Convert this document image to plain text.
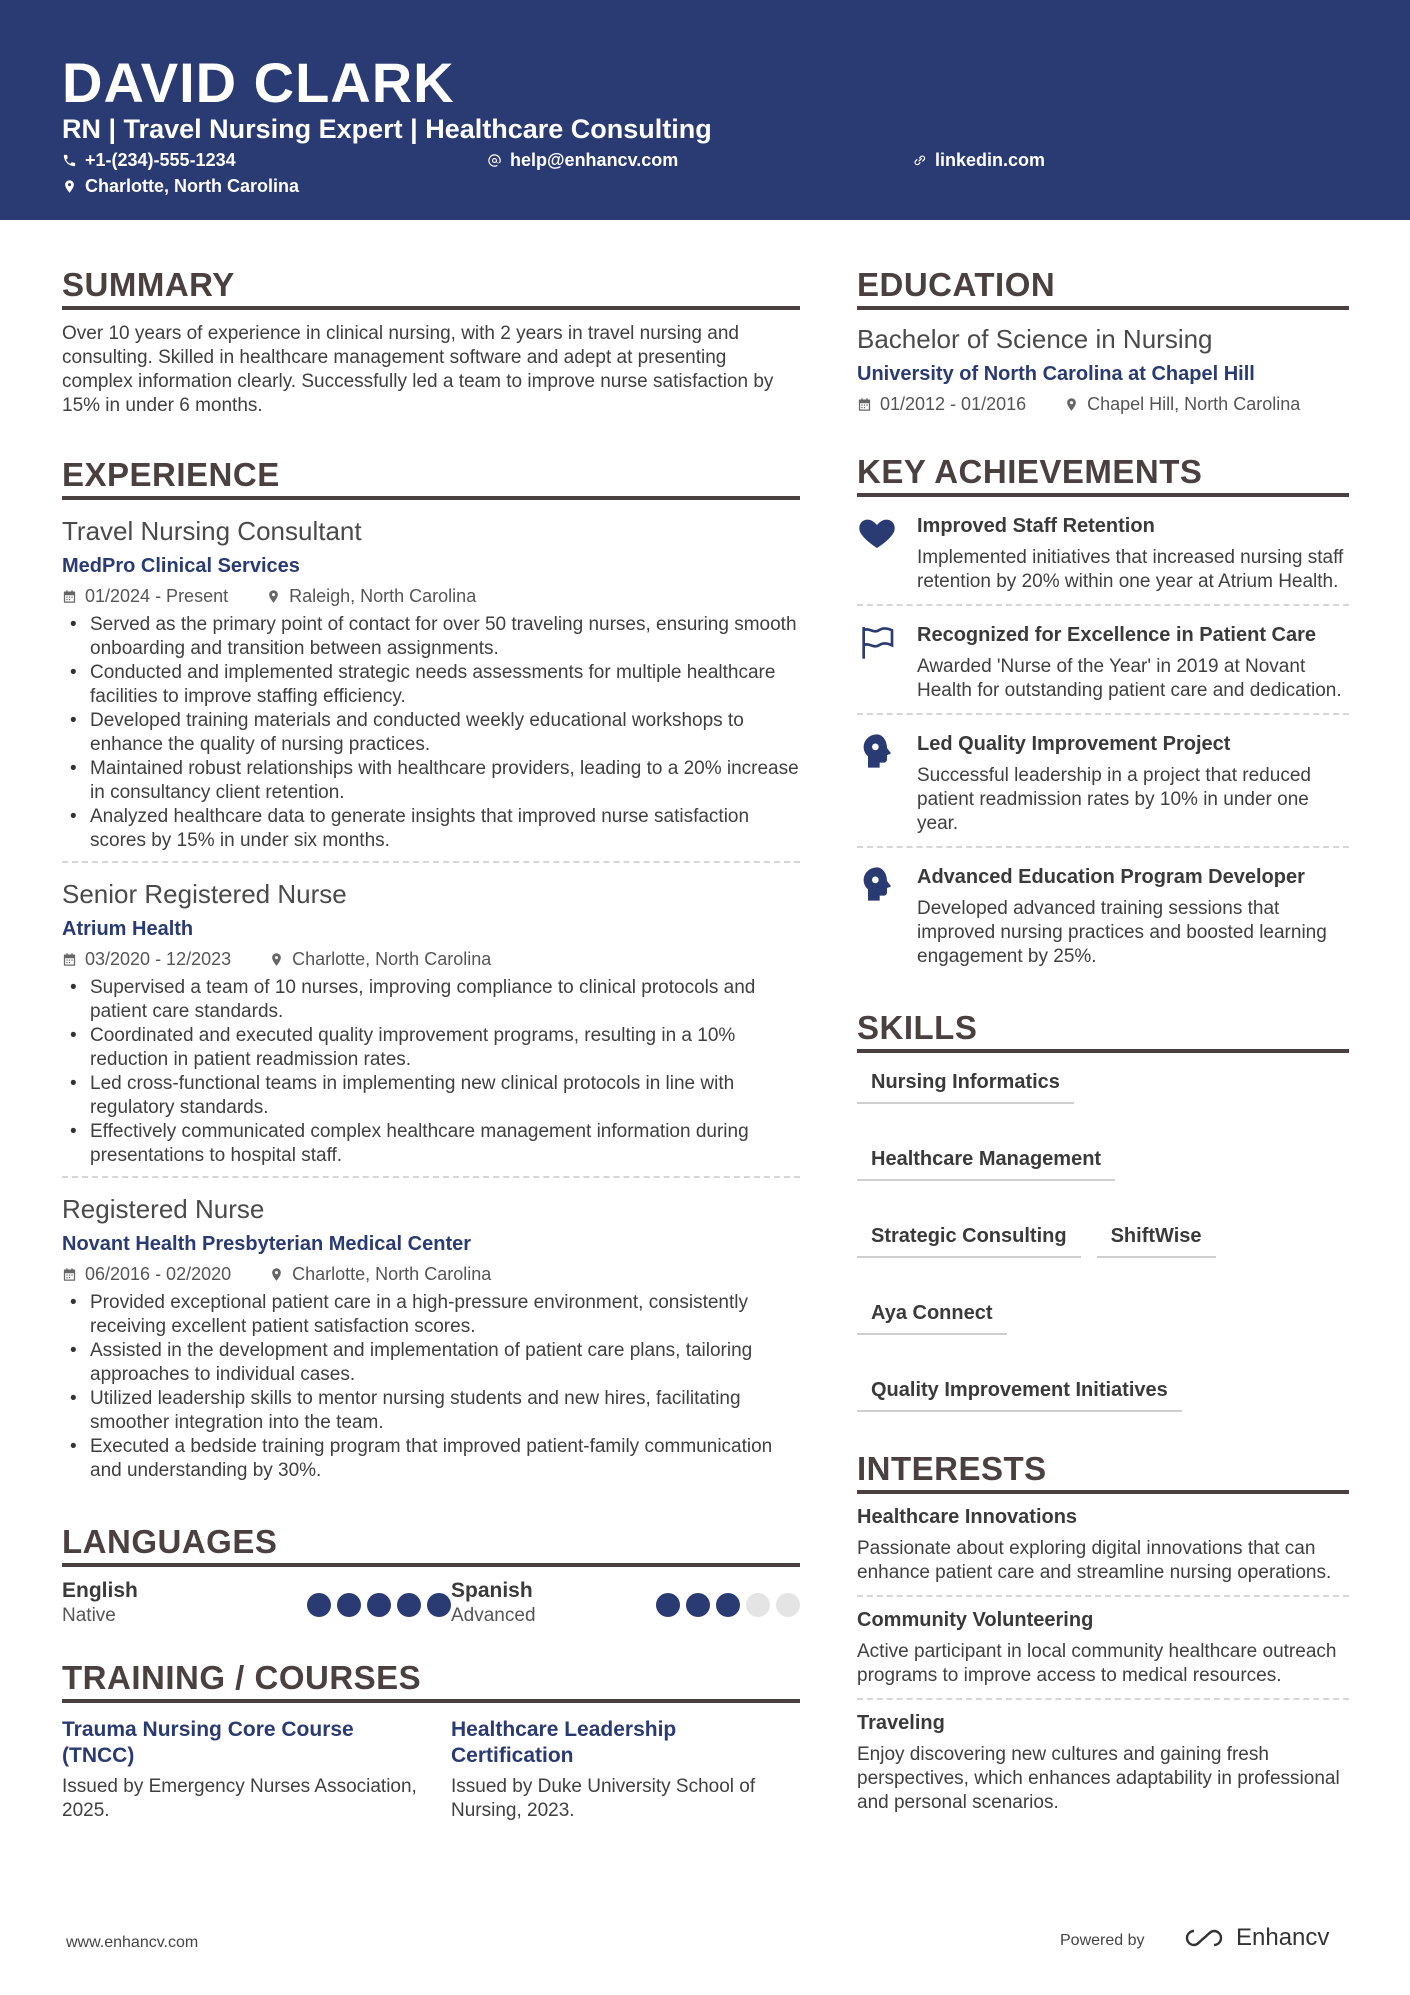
DAVID CLARK
RN | Travel Nursing Expert | Healthcare Consulting
+1-(234)-555-1234	help@enhancv.com	linkedin.com
Charlotte, North Carolina
SUMMARY
Over 10 years of experience in clinical nursing, with 2 years in travel nursing and consulting. Skilled in healthcare management software and adept at presenting complex information clearly. Successfully led a team to improve nurse satisfaction by 15% in under 6 months.
EXPERIENCE
Travel Nursing Consultant
MedPro Clinical Services
01/2024 - Present	Raleigh, North Carolina
• Served as the primary point of contact for over 50 traveling nurses, ensuring smooth onboarding and transition between assignments.
• Conducted and implemented strategic needs assessments for multiple healthcare facilities to improve staffing efficiency.
• Developed training materials and conducted weekly educational workshops to enhance the quality of nursing practices.
• Maintained robust relationships with healthcare providers, leading to a 20% increase in consultancy client retention.
• Analyzed healthcare data to generate insights that improved nurse satisfaction scores by 15% in under six months.
Senior Registered Nurse
Atrium Health
03/2020 - 12/2023	Charlotte, North Carolina
• Supervised a team of 10 nurses, improving compliance to clinical protocols and patient care standards.
• Coordinated and executed quality improvement programs, resulting in a 10% reduction in patient readmission rates.
• Led cross-functional teams in implementing new clinical protocols in line with regulatory standards.
• Effectively communicated complex healthcare management information during presentations to hospital staff.
Registered Nurse
Novant Health Presbyterian Medical Center
06/2016 - 02/2020	Charlotte, North Carolina
• Provided exceptional patient care in a high-pressure environment, consistently receiving excellent patient satisfaction scores.
• Assisted in the development and implementation of patient care plans, tailoring approaches to individual cases.
• Utilized leadership skills to mentor nursing students and new hires, facilitating smoother integration into the team.
• Executed a bedside training program that improved patient-family communication and understanding by 30%.
LANGUAGES
English
Native
Spanish
Advanced
TRAINING / COURSES
Trauma Nursing Core Course (TNCC)
Issued by Emergency Nurses Association, 2025.
Healthcare Leadership Certification
Issued by Duke University School of Nursing, 2023.
EDUCATION
Bachelor of Science in Nursing
University of North Carolina at Chapel Hill
01/2012 - 01/2016	Chapel Hill, North Carolina
KEY ACHIEVEMENTS
Improved Staff Retention
Implemented initiatives that increased nursing staff retention by 20% within one year at Atrium Health.
Recognized for Excellence in Patient Care
Awarded 'Nurse of the Year' in 2019 at Novant Health for outstanding patient care and dedication.
Led Quality Improvement Project
Successful leadership in a project that reduced patient readmission rates by 10% in under one year.
Advanced Education Program Developer
Developed advanced training sessions that improved nursing practices and boosted learning engagement by 25%.
SKILLS
Nursing Informatics
Healthcare Management
Strategic Consulting	ShiftWise
Aya Connect
Quality Improvement Initiatives
INTERESTS
Healthcare Innovations
Passionate about exploring digital innovations that can enhance patient care and streamline nursing operations.
Community Volunteering
Active participant in local community healthcare outreach programs to improve access to medical resources.
Traveling
Enjoy discovering new cultures and gaining fresh perspectives, which enhances adaptability in professional and personal scenarios.
www.enhancv.com	Powered by	Enhancv
